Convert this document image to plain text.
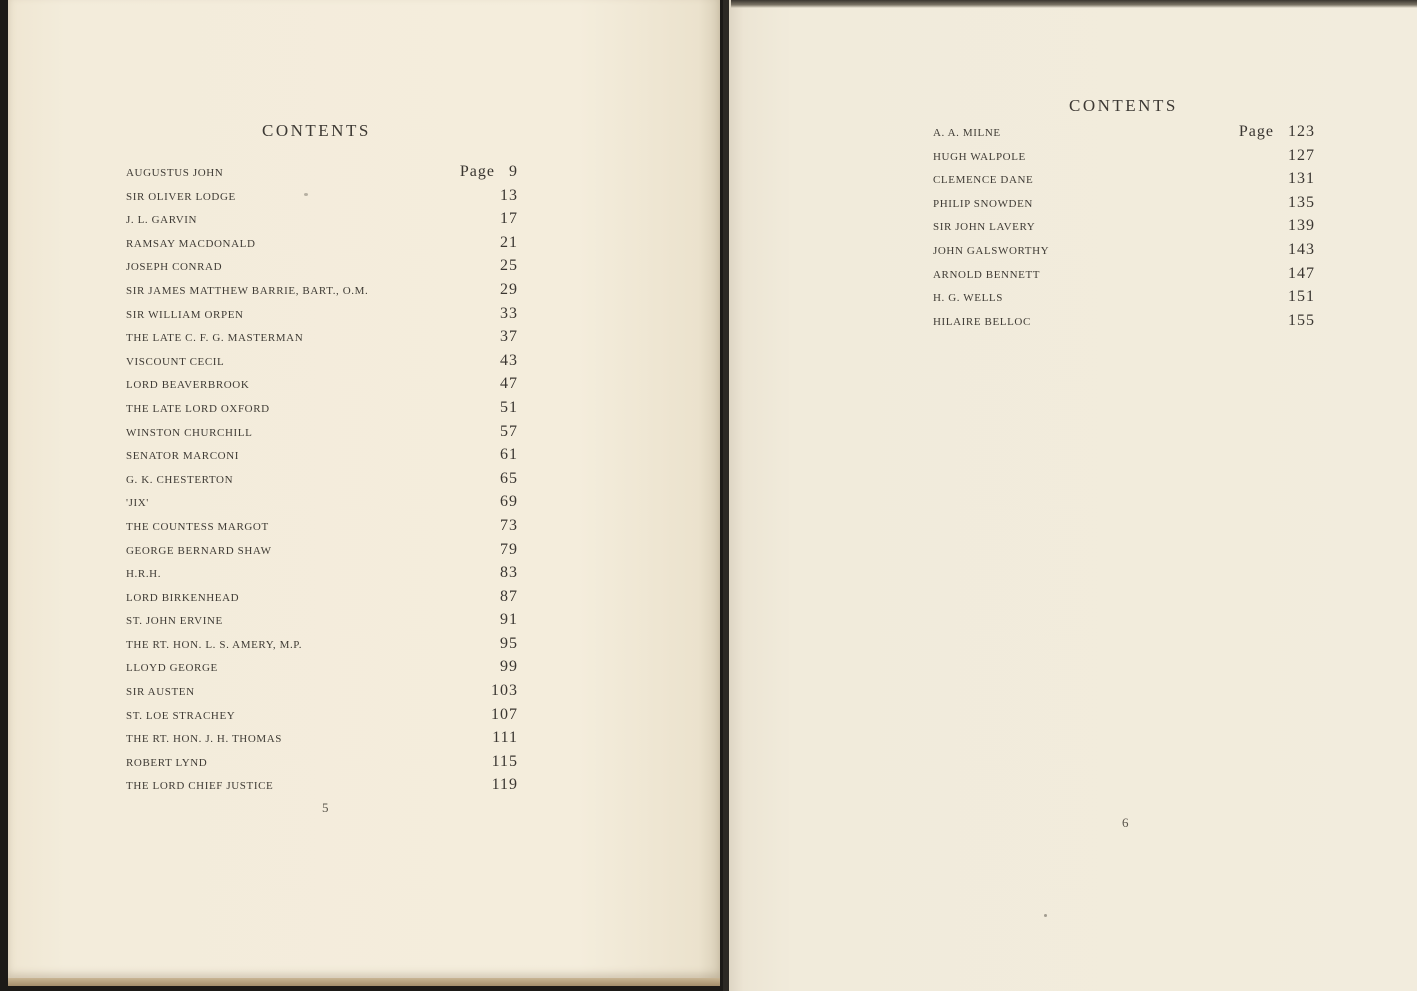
CONTENTS
AUGUSTUS JOHN	Page 9
SIR OLIVER LODGE	13
J. L. GARVIN	17
RAMSAY MACDONALD	21
JOSEPH CONRAD	25
SIR JAMES MATTHEW BARRIE, BART., O.M.	29
SIR WILLIAM ORPEN	33
THE LATE C. F. G. MASTERMAN	37
VISCOUNT CECIL	43
LORD BEAVERBROOK	47
THE LATE LORD OXFORD	51
WINSTON CHURCHILL	57
SENATOR MARCONI	61
G. K. CHESTERTON	65
'JIX'	69
THE COUNTESS MARGOT	73
GEORGE BERNARD SHAW	79
H.R.H.	83
LORD BIRKENHEAD	87
ST. JOHN ERVINE	91
THE RT. HON. L. S. AMERY, M.P.	95
LLOYD GEORGE	99
SIR AUSTEN	103
ST. LOE STRACHEY	107
THE RT. HON. J. H. THOMAS	111
ROBERT LYND	115
THE LORD CHIEF JUSTICE	119
5
CONTENTS
A. A. MILNE	Page 123
HUGH WALPOLE	127
CLEMENCE DANE	131
PHILIP SNOWDEN	135
SIR JOHN LAVERY	139
JOHN GALSWORTHY	143
ARNOLD BENNETT	147
H. G. WELLS	151
HILAIRE BELLOC	155
6
